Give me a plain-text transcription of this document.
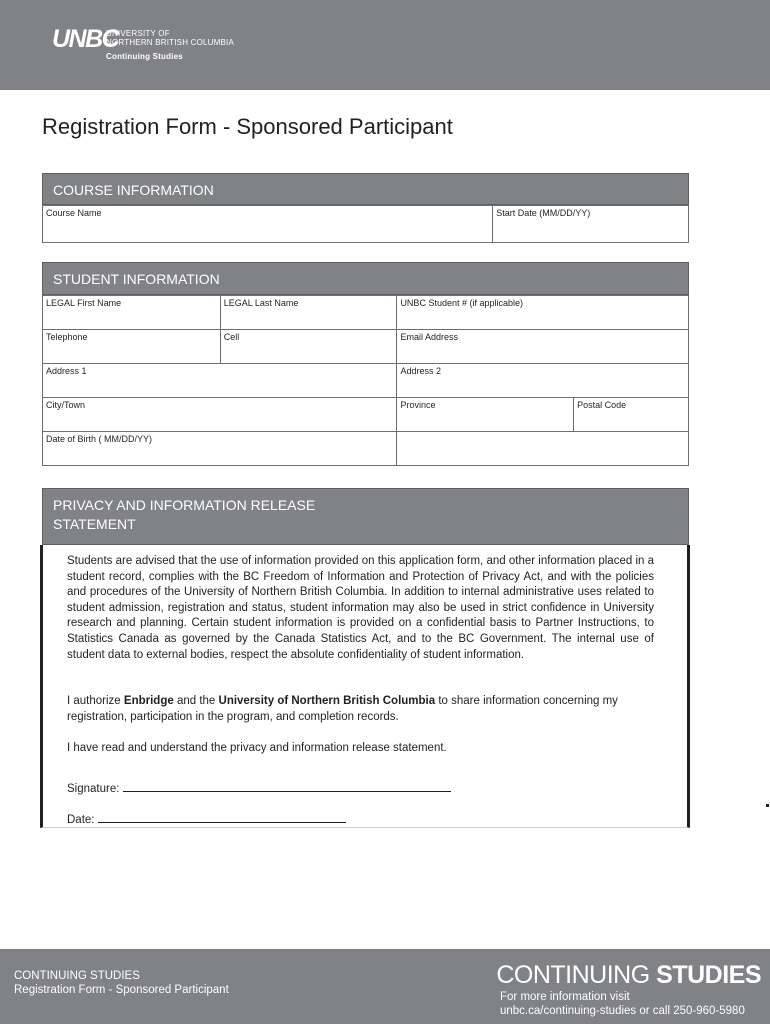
UNBC
UNIVERSITY OF
NORTHERN BRITISH COLUMBIA
Continuing Studies
Registration Form - Sponsored Participant
COURSE INFORMATION
Course Name	Start Date (MM/DD/YY)
STUDENT INFORMATION
LEGAL First Name	LEGAL Last Name	UNBC Student # (if applicable)	
Telephone	Cell	Email Address	
Address 1		Address 2	
City/Town		Province	Postal Code
Date of Birth ( MM/DD/YY)			
PRIVACY AND INFORMATION RELEASE
STATEMENT
Students are advised that the use of information provided on this application form, and other information placed in a student record, complies with the BC Freedom of Information and Protection of Privacy Act, and with the policies and procedures of the University of Northern British Columbia. In addition to internal administrative uses related to student admission, registration and status, student information may also be used in strict confidence in University research and planning. Certain student information is provided on a confidential basis to Partner Instructions, to Statistics Canada as governed by the Canada Statistics Act, and to the BC Government. The internal use of student data to external bodies, respect the absolute confidentiality of student information.
I authorize Enbridge and the University of Northern British Columbia to share information concerning my
registration, participation in the program, and completion records.
I have read and understand the privacy and information release statement.
Signature:
Date:
CONTINUING STUDIES
Registration Form - Sponsored Participant
CONTINUING STUDIES
For more information visit
unbc.ca/continuing-studies or call 250-960-5980
